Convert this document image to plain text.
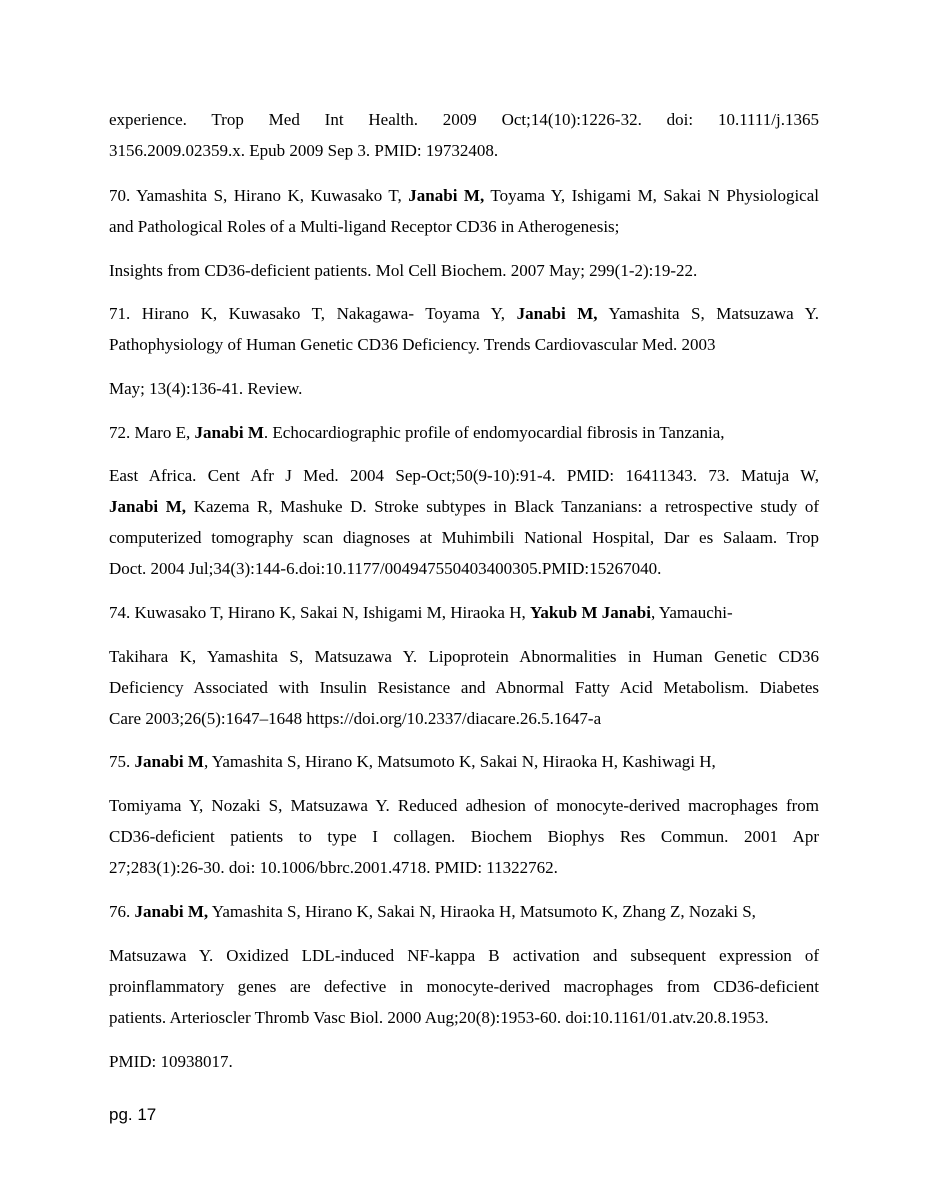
experience. Trop Med Int Health. 2009 Oct;14(10):1226-32. doi: 10.1111/j.1365
3156.2009.02359.x. Epub 2009 Sep 3. PMID: 19732408.
70. Yamashita S, Hirano K, Kuwasako T, Janabi M, Toyama Y, Ishigami M, Sakai N Physiological
and Pathological Roles of a Multi-ligand Receptor CD36 in Atherogenesis;
Insights from CD36-deficient patients. Mol Cell Biochem. 2007 May; 299(1-2):19-22.
71. Hirano K, Kuwasako T, Nakagawa- Toyama Y, Janabi M, Yamashita S, Matsuzawa Y.
Pathophysiology of Human Genetic CD36 Deficiency. Trends Cardiovascular Med. 2003
May; 13(4):136-41. Review.
72. Maro E, Janabi M. Echocardiographic profile of endomyocardial fibrosis in Tanzania,
East Africa. Cent Afr J Med. 2004 Sep-Oct;50(9-10):91-4. PMID: 16411343. 73. Matuja W,
Janabi M, Kazema R, Mashuke D. Stroke subtypes in Black Tanzanians: a retrospective study of
computerized tomography scan diagnoses at Muhimbili National Hospital, Dar es Salaam. Trop
Doct. 2004 Jul;34(3):144-6.doi:10.1177/004947550403400305.PMID:15267040.
74. Kuwasako T, Hirano K, Sakai N, Ishigami M, Hiraoka H, Yakub M Janabi, Yamauchi-
Takihara K, Yamashita S, Matsuzawa Y. Lipoprotein Abnormalities in Human Genetic CD36
Deficiency Associated with Insulin Resistance and Abnormal Fatty Acid Metabolism. Diabetes
Care 2003;26(5):1647–1648 https://doi.org/10.2337/diacare.26.5.1647-a
75. Janabi M, Yamashita S, Hirano K, Matsumoto K, Sakai N, Hiraoka H, Kashiwagi H,
Tomiyama Y, Nozaki S, Matsuzawa Y. Reduced adhesion of monocyte-derived macrophages from
CD36-deficient patients to type I collagen. Biochem Biophys Res Commun. 2001 Apr
27;283(1):26-30. doi: 10.1006/bbrc.2001.4718. PMID: 11322762.
76. Janabi M, Yamashita S, Hirano K, Sakai N, Hiraoka H, Matsumoto K, Zhang Z, Nozaki S,
Matsuzawa Y. Oxidized LDL-induced NF-kappa B activation and subsequent expression of
proinflammatory genes are defective in monocyte-derived macrophages from CD36-deficient
patients. Arterioscler Thromb Vasc Biol. 2000 Aug;20(8):1953-60. doi:10.1161/01.atv.20.8.1953.
PMID: 10938017.
pg. 17
